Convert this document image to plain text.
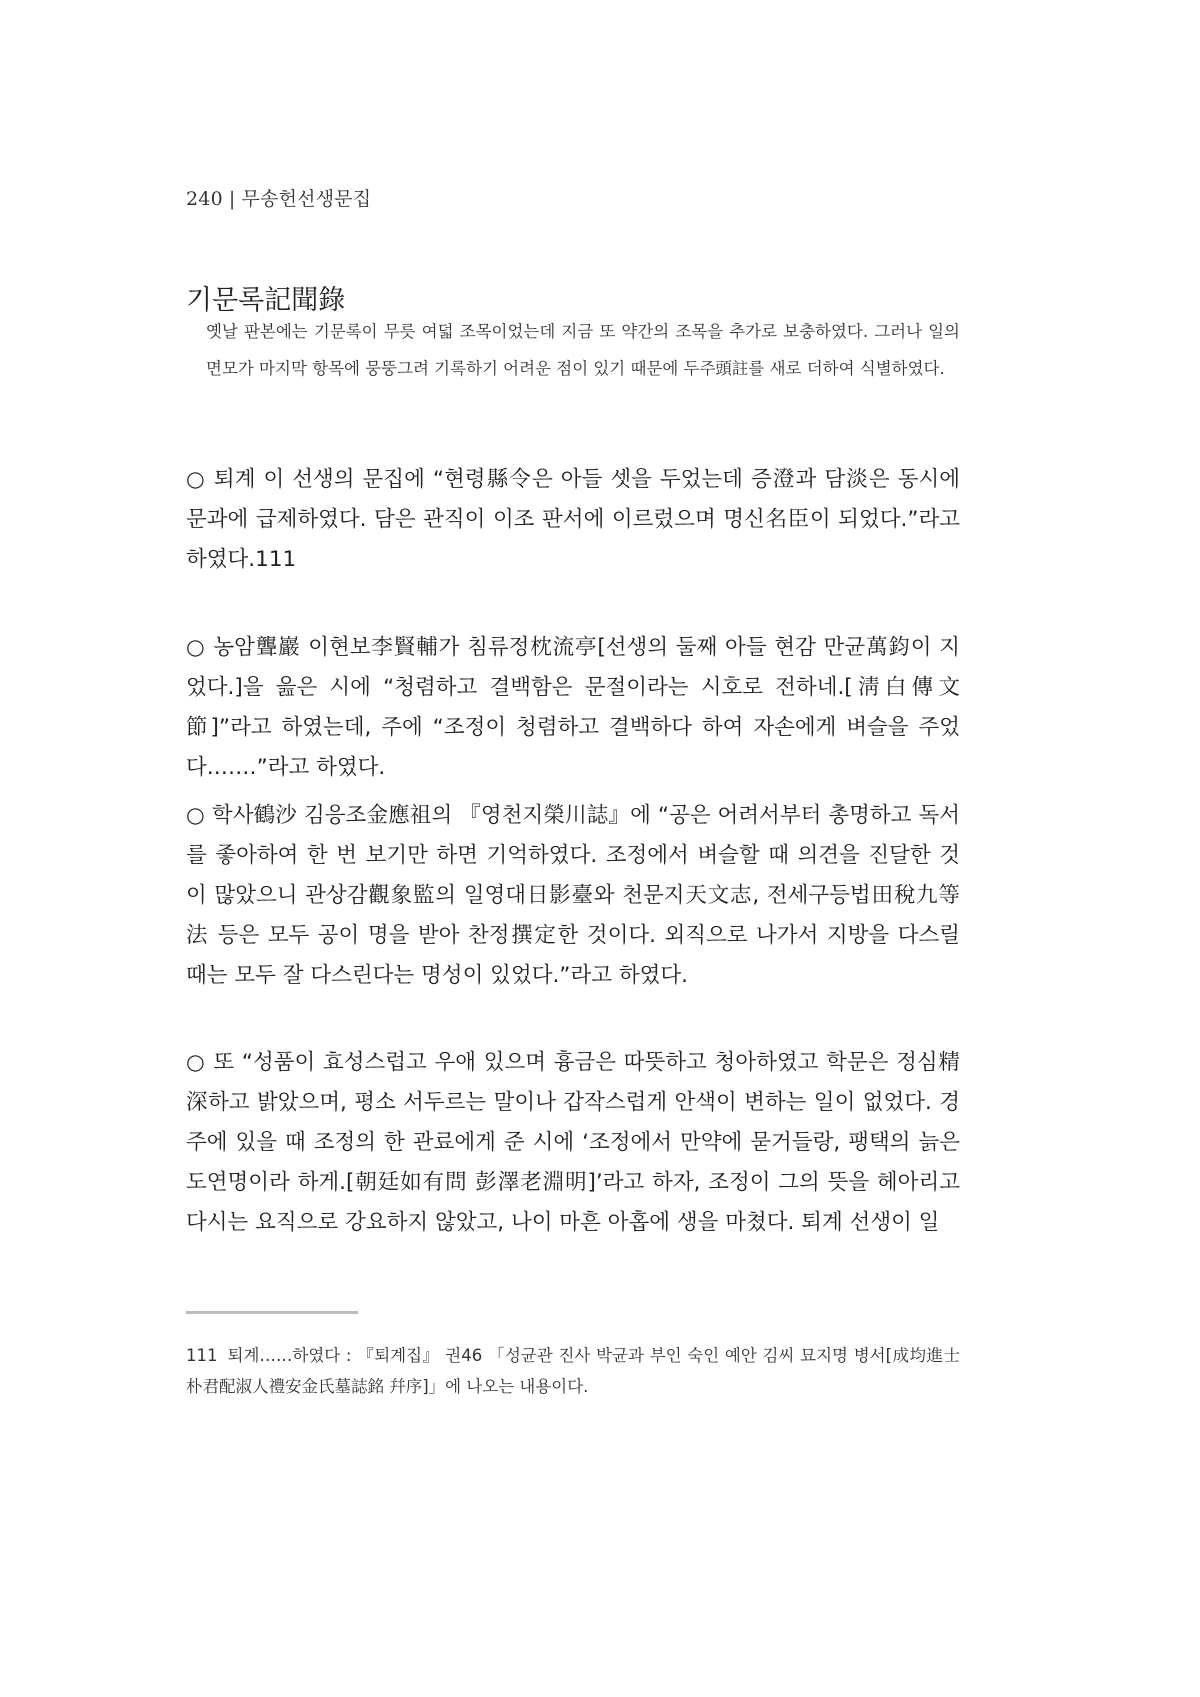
240 | 무송헌선생문집
기문록記聞錄

옛날 판본에는 기문록이 무릇 여덟 조목이었는데 지금 또 약간의 조목을 추가로 보충하였다. 그러나 일의 면모가 마지막 항목에 뭉뚱그려 기록하기 어려운 점이 있기 때문에 두주頭註를 새로 더하여 식별하였다.

○ 퇴계 이 선생의 문집에 “현령縣令은 아들 셋을 두었는데 증澄과 담淡은 동시에 문과에 급제하였다. 담은 관직이 이조 판서에 이르렀으며 명신名臣이 되었다.”라고 하였다.111

○ 농암聾巖 이현보李賢輔가 침류정枕流亭[선생의 둘째 아들 현감 만균萬鈞이 지었다.]을 읊은 시에 “청렴하고 결백함은 문절이라는 시호로 전하네.[淸白傳文節]”라고 하였는데, 주에 “조정이 청렴하고 결백하다 하여 자손에게 벼슬을 주었다.……”라고 하였다.

○ 학사鶴沙 김응조金應祖의 『영천지榮川誌』에 “공은 어려서부터 총명하고 독서를 좋아하여 한 번 보기만 하면 기억하였다. 조정에서 벼슬할 때 의견을 진달한 것이 많았으니 관상감觀象監의 일영대日影臺와 천문지天文志, 전세구등법田稅九等法 등은 모두 공이 명을 받아 찬정撰定한 것이다. 외직으로 나가서 지방을 다스릴 때는 모두 잘 다스린다는 명성이 있었다.”라고 하였다.

○ 또 “성품이 효성스럽고 우애 있으며 흉금은 따뜻하고 청아하였고 학문은 정심精深하고 밝았으며, 평소 서두르는 말이나 갑작스럽게 안색이 변하는 일이 없었다. 경주에 있을 때 조정의 한 관료에게 준 시에 ‘조정에서 만약에 묻거들랑, 팽택의 늙은 도연명이라 하게.[朝廷如有問 彭澤老淵明]’라고 하자, 조정이 그의 뜻을 헤아리고 다시는 요직으로 강요하지 않았고, 나이 마흔 아홉에 생을 마쳤다. 퇴계 선생이 일

111 퇴계……하였다 : 『퇴계집』 권46 「성균관 진사 박균과 부인 숙인 예안 김씨 묘지명 병서[成均進士朴君配淑人禮安金氏墓誌銘 幷序]」에 나오는 내용이다.
